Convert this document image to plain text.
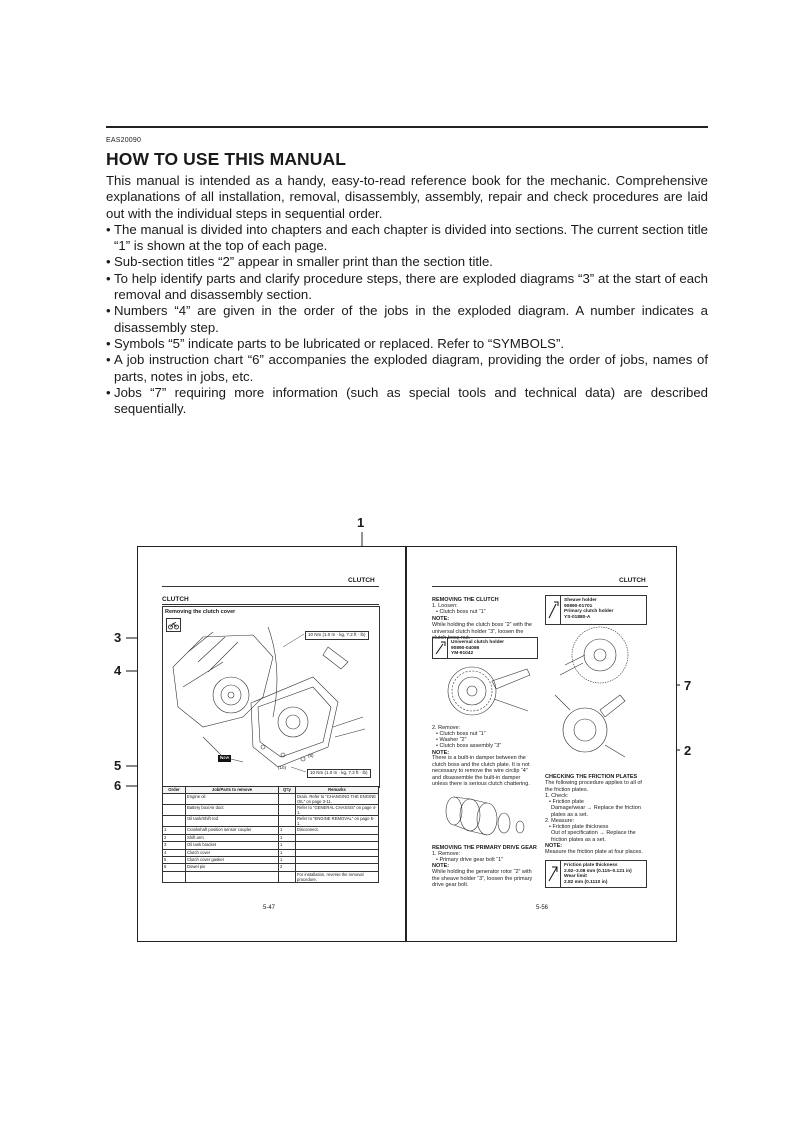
EAS20090
HOW TO USE THIS MANUAL

This manual is intended as a handy, easy-to-read reference book for the mechanic. Comprehensive explanations of all installation, removal, disassembly, assembly, repair and check procedures are laid out with the individual steps in sequential order.

• The manual is divided into chapters and each chapter is divided into sections. The current section title “1” is shown at the top of each page.
• Sub-section titles “2” appear in smaller print than the section title.
• To help identify parts and clarify procedure steps, there are exploded diagrams “3” at the start of each removal and disassembly section.
• Numbers “4” are given in the order of the jobs in the exploded diagram. A number indicates a disassembly step.
• Symbols “5” indicate parts to be lubricated or replaced. Refer to “SYMBOLS”.
• A job instruction chart “6” accompanies the exploded diagram, providing the order of jobs, names of parts, notes in jobs, etc.
• Jobs “7” requiring more information (such as special tools and technical data) are described sequentially.
1
2
3
4
5
6
7
CLUTCH
CLUTCH
Removing the clutch cover
10 Nm (1.0 m · kg, 7.2 ft · lb)
10 Nm (1.0 m · kg, 7.2 ft · lb)
New	(8)
(10)
Order	Job/Parts to remove	Q'ty	Remarks
	Engine oil		Drain. Refer to “CHANGING THE ENGINE OIL” on page 3-11.
	Battery box/Air duct		Refer to “GENERAL CHASSIS” on page 4-1.
	Oil tank/Shift rod		Refer to “ENGINE REMOVAL” on page 5-1.
1	Crankshaft position sensor coupler	1	Disconnect.
2	Shift arm	1	
3	Oil tank bracket	1	
4	Clutch cover	1	
5	Clutch cover gasket	1	
6	Dowel pin	2	
			For installation, reverse the removal procedure.
5-47
CLUTCH
REMOVING THE CLUTCH
1. Loosen:
• Clutch boss nut “1”
NOTE:
While holding the clutch boss “2” with the universal clutch holder “3”, loosen the clutch boss nut.
Universal clutch holder
90890-04086
YM-91042
2. Remove:
• Clutch boss nut “1”
• Washer “2”
• Clutch boss assembly “3”
NOTE:
There is a built-in damper between the clutch boss and the clutch plate. It is not necessary to remove the wire circlip “4” and disassemble the built-in damper unless there is serious clutch chattering.
REMOVING THE PRIMARY DRIVE GEAR
1. Remove:
• Primary drive gear bolt “1”
NOTE:
While holding the generator rotor “2” with the sheave holder “3”, loosen the primary drive gear bolt.
Sheave holder
90890-01701
Primary clutch holder
YS-01880-A
CHECKING THE FRICTION PLATES
The following procedure applies to all of the friction plates.
1. Check:
• Friction plate
Damage/wear → Replace the friction plates as a set.
2. Measure:
• Friction plate thickness
Out of specification → Replace the friction plates as a set.
NOTE:
Measure the friction plate at four places.
Friction plate thickness
2.92–3.08 mm (0.115–0.121 in)
Wear limit
2.82 mm (0.1110 in)
5-56
